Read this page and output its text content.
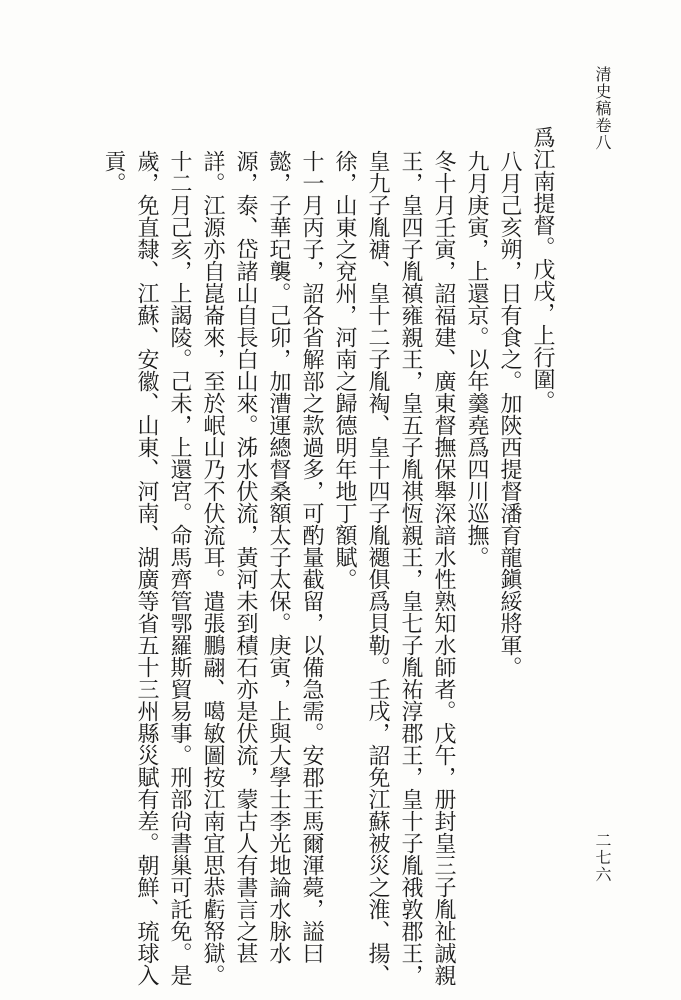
清史稿卷八

爲江南提督。戊戌，上行圍。

八月己亥朔，日有食之。加陝西提督潘育龍鎭綏將軍。

九月庚寅，上還京。以年羹堯爲四川巡撫。

冬十月壬寅，詔福建、廣東督撫保舉深諳水性熟知水師者。戊午，册封皇三子胤祉誠親王，皇四子胤禛雍親王，皇五子胤祺恆親王，皇七子胤祐淳郡王，皇十子胤䄉敦郡王，皇九子胤禟、皇十二子胤裪、皇十四子胤禵俱爲貝勒。壬戌，詔免江蘇被災之淮、揚、徐，山東之兗州，河南之歸德明年地丁額賦。

十一月丙子，詔各省解部之款過多，可酌量截留，以備急需。安郡王馬爾渾薨，謚曰懿，子華玘襲。己卯，加漕運總督桑額太子太保。庚寅，上與大學士李光地論水脉水源，泰、岱諸山自長白山來。泲水伏流，黃河未到積石亦是伏流，蒙古人有書言之甚詳。江源亦自崑崙來，至於岷山乃不伏流耳。遣張鵬翮、噶敏圖按江南宜思恭虧帑獄。

十二月己亥，上謁陵。己未，上還宮。命馬齊管鄂羅斯貿易事。刑部尙書巢可託免。是歲，免直隸、江蘇、安徽、山東、河南、湖廣等省五十三州縣災賦有差。朝鮮、琉球入貢。

二七六
